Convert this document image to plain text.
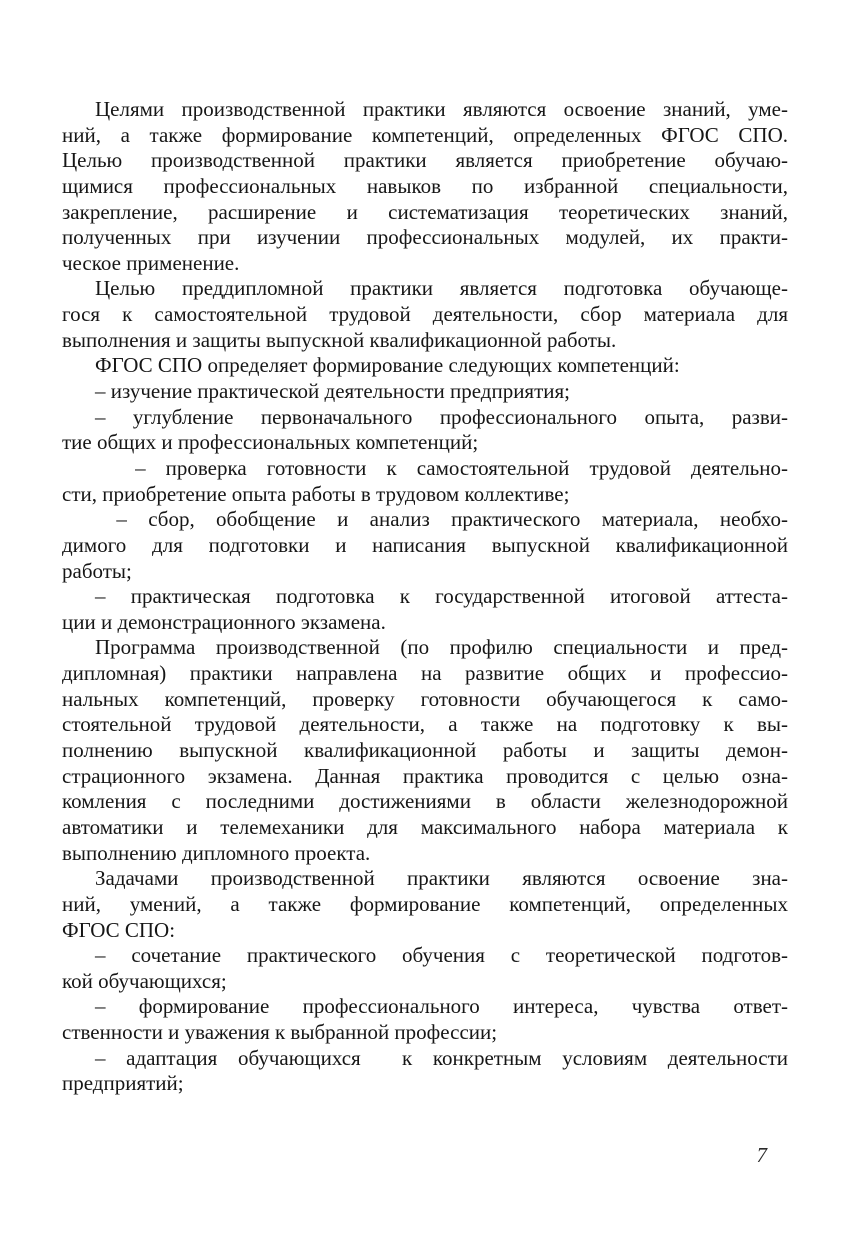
Целями производственной практики являются освоение знаний, уме-
ний, а также формирование компетенций, определенных ФГОС СПО.
Целью производственной практики является приобретение обучаю-
щимися профессиональных навыков по избранной специальности,
закрепление, расширение и систематизация теоретических знаний,
полученных при изучении профессиональных модулей, их практи-
ческое применение.
Целью преддипломной практики является подготовка обучающе-
гося к самостоятельной трудовой деятельности, сбор материала для
выполнения и защиты выпускной квалификационной работы.
ФГОС СПО определяет формирование следующих компетенций:
– изучение практической деятельности предприятия;
– углубление первоначального профессионального опыта, разви-
тие общих и профессиональных компетенций;
– проверка готовности к самостоятельной трудовой деятельно-
сти, приобретение опыта работы в трудовом коллективе;
– сбор, обобщение и анализ практического материала, необхо-
димого для подготовки и написания выпускной квалификационной
работы;
– практическая подготовка к государственной итоговой аттеста-
ции и демонстрационного экзамена.
Программа производственной (по профилю специальности и пред-
дипломная) практики направлена на развитие общих и профессио-
нальных компетенций, проверку готовности обучающегося к само-
стоятельной трудовой деятельности, а также на подготовку к вы-
полнению выпускной квалификационной работы и защиты демон-
страционного экзамена. Данная практика проводится с целью озна-
комления с последними достижениями в области железнодорожной
автоматики и телемеханики для максимального набора материала к
выполнению дипломного проекта.
Задачами производственной практики являются освоение зна-
ний, умений, а также формирование компетенций, определенных
ФГОС СПО:
– сочетание практического обучения с теоретической подготов-
кой обучающихся;
– формирование профессионального интереса, чувства ответ-
ственности и уважения к выбранной профессии;
– адаптация обучающихся  к конкретным условиям деятельности
предприятий;
7
